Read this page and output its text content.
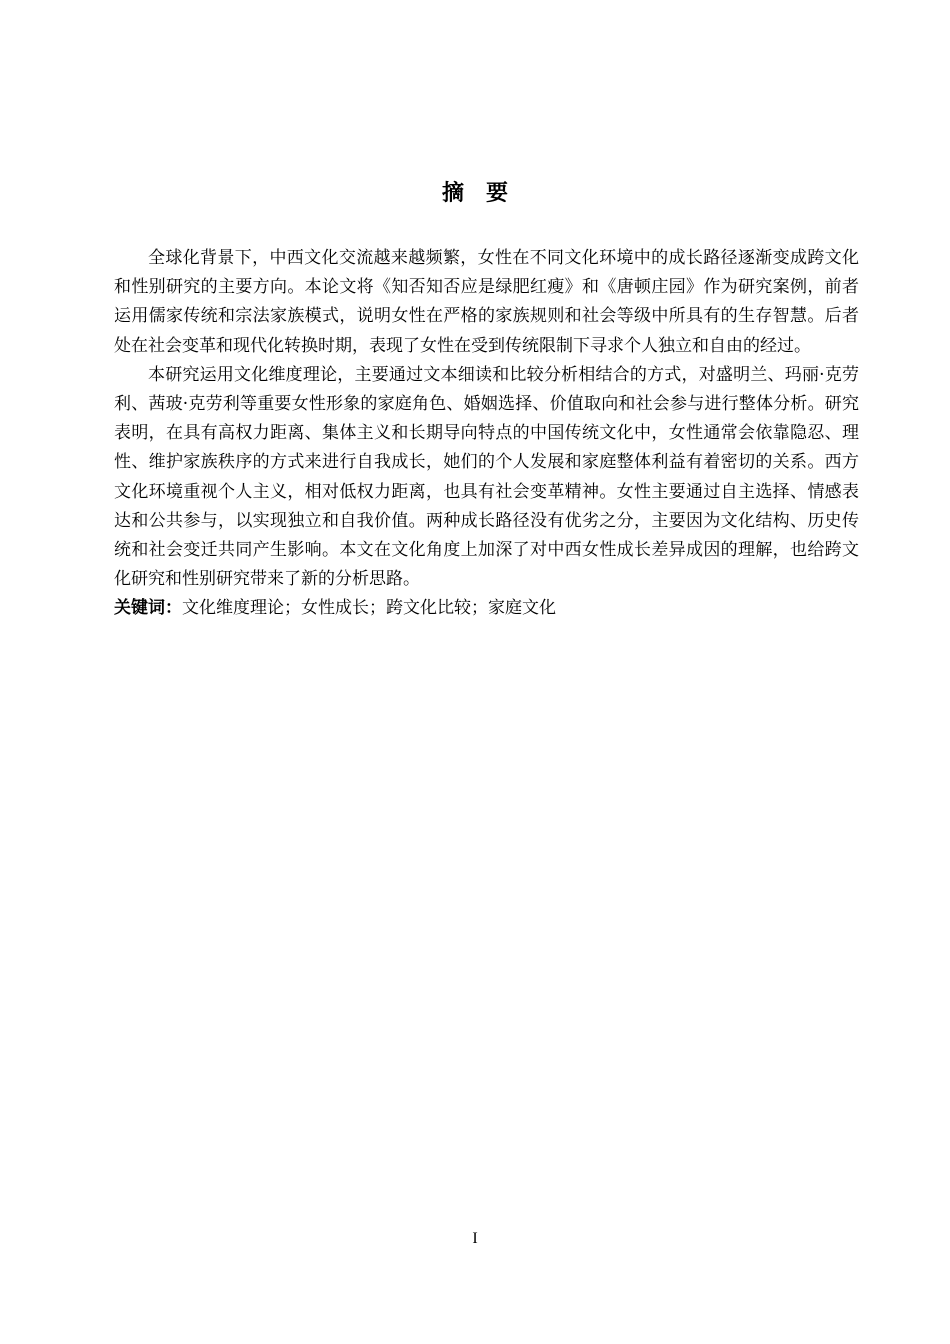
摘要

全球化背景下，中西文化交流越来越频繁，女性在不同文化环境中的成长路径逐渐变成跨文化和性别研究的主要方向。本论文将《知否知否应是绿肥红瘦》和《唐顿庄园》作为研究案例，前者运用儒家传统和宗法家族模式，说明女性在严格的家族规则和社会等级中所具有的生存智慧。后者处在社会变革和现代化转换时期，表现了女性在受到传统限制下寻求个人独立和自由的经过。

本研究运用文化维度理论，主要通过文本细读和比较分析相结合的方式，对盛明兰、玛丽·克劳利、茜玻·克劳利等重要女性形象的家庭角色、婚姻选择、价值取向和社会参与进行整体分析。研究表明，在具有高权力距离、集体主义和长期导向特点的中国传统文化中，女性通常会依靠隐忍、理性、维护家族秩序的方式来进行自我成长，她们的个人发展和家庭整体利益有着密切的关系。西方文化环境重视个人主义，相对低权力距离，也具有社会变革精神。女性主要通过自主选择、情感表达和公共参与，以实现独立和自我价值。两种成长路径没有优劣之分，主要因为文化结构、历史传统和社会变迁共同产生影响。本文在文化角度上加深了对中西女性成长差异成因的理解，也给跨文化研究和性别研究带来了新的分析思路。

关键词：文化维度理论；女性成长；跨文化比较；家庭文化

I
